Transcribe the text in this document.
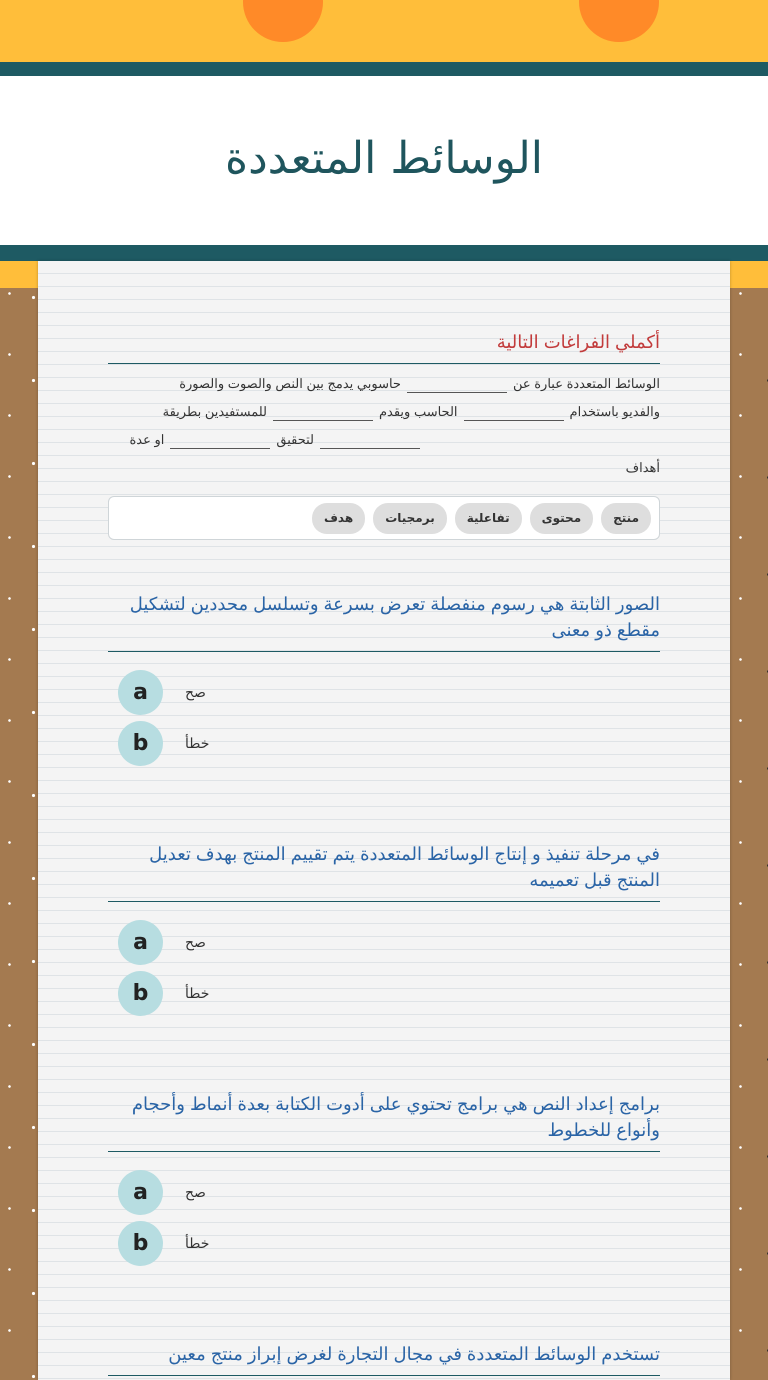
الوسائط المتعددة
أكملي الفراغات التالية
الوسائط المتعددة عبارة عنحاسوبي يدمج بين النص والصوت والصورة
والفديو باستخدامالحاسب ويقدمللمستفيدين بطريقة
لتحقيقاو عدة أهداف
هدف	برمجيات	تفاعلية	محتوى	منتج
الصور الثابتة هي رسوم منفصلة تعرض بسرعة وتسلسل محددين لتشكيل مقطع ذو معنى
a	صح
b	خطأ
في مرحلة تنفيذ و إنتاج الوسائط المتعددة يتم تقييم المنتج بهدف تعديل المنتج قبل تعميمه
a	صح
b	خطأ
برامج إعداد النص هي برامج تحتوي على أدوت الكتابة بعدة أنماط وأحجام وأنواع للخطوط
a	صح
b	خطأ
تستخدم الوسائط المتعددة في مجال التجارة لغرض إبراز منتج معين
